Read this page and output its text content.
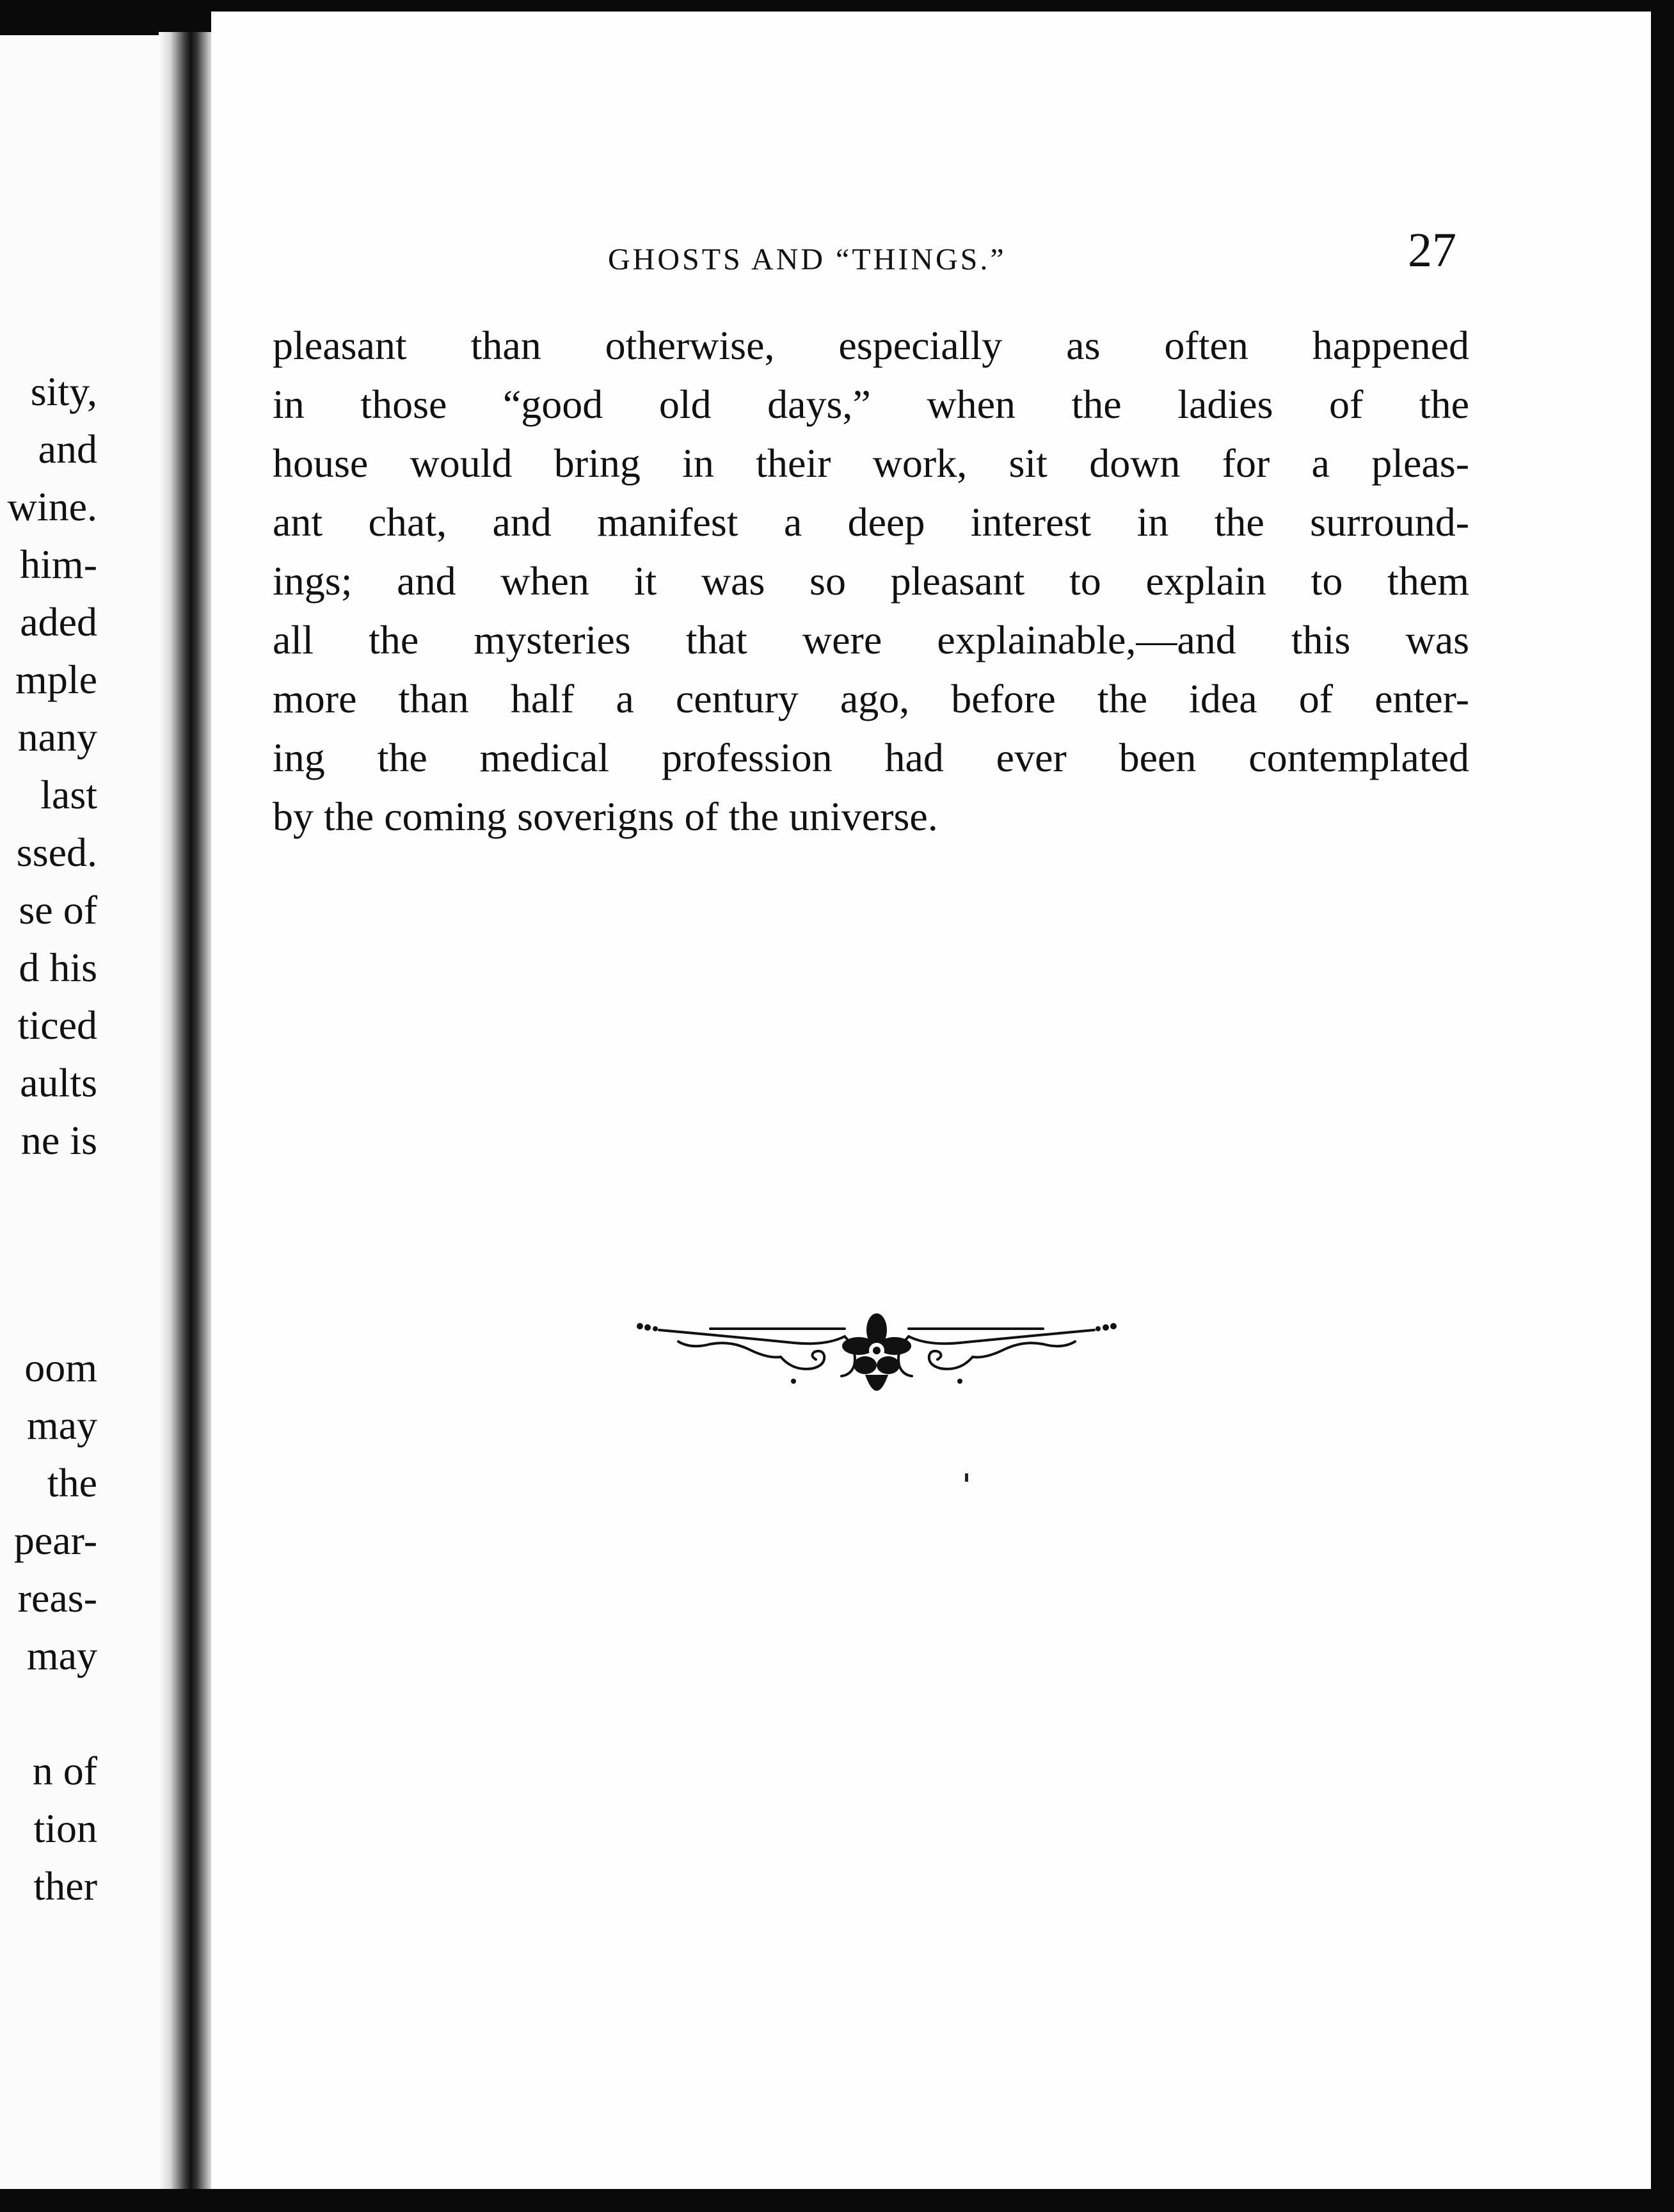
sity,
and
wine.
him-
aded
mple
nany
last
ssed.
se of
d his
ticed
aults
ne is
oom
may
the
pear-
reas-
may
n of
tion
ther
GHOSTS AND “THINGS.”	27
pleasant than otherwise, especially as often happened
in those “good old days,” when the ladies of the
house would bring in their work, sit down for a pleas-
ant chat, and manifest a deep interest in the surround-
ings; and when it was so pleasant to explain to them
all the mysteries that were explainable,—and this was
more than half a century ago, before the idea of enter-
ing the medical profession had ever been contemplated
by the coming soverigns of the universe.
